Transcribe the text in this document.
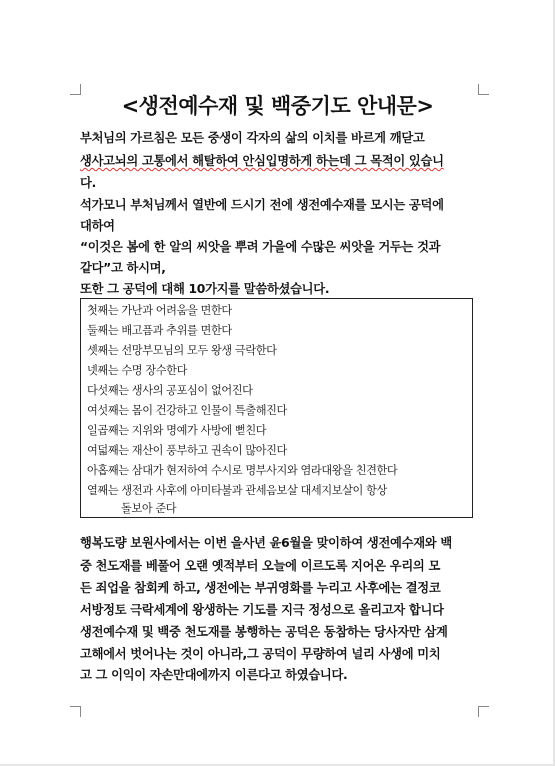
<생전예수재 및 백중기도 안내문>
부처님의 가르침은 모든 중생이 각자의 삶의 이치를 바르게 깨닫고
생사고뇌의 고통에서 해탈하여 안심입명하게 하는데 그 목적이 있습니
다.
석가모니 부처님께서 열반에 드시기 전에 생전예수재를 모시는 공덕에
대하여
“이것은 봄에 한 알의 씨앗을 뿌려 가을에 수많은 씨앗을 거두는 것과
같다”고 하시며,
또한 그 공덕에 대해 10가지를 말씀하셨습니다.
첫째는 가난과 어려움을 면한다
둘째는 배고픔과 추위를 면한다
셋째는 선망부모님의 모두 왕생 극락한다
넷째는 수명 장수한다
다섯째는 생사의 공포심이 없어진다
여섯째는 몸이 건강하고 인물이 특출해진다
일곱째는 지위와 명예가 사방에 뻗친다
여덟째는 재산이 풍부하고 권속이 많아진다
아홉째는 삼대가 현저하여 수시로 명부사지와 염라대왕을 친견한다
열째는 생전과 사후에 아미타불과 관세음보살 대세지보살이 항상
돌보아 준다
행복도량 보원사에서는 이번 을사년 윤6월을 맞이하여 생전예수재와 백
중 천도재를 베풀어 오랜 옛적부터 오늘에 이르도록 지어온 우리의 모
든 죄업을 참회케 하고, 생전에는 부귀영화를 누리고 사후에는 결정코
서방정토 극락세계에 왕생하는 기도를 지극 정성으로 올리고자 합니다
생전예수재 및 백중 천도재를 봉행하는 공덕은 동참하는 당사자만 삼계
고해에서 벗어나는 것이 아니라,그 공덕이 무량하여 널리 사생에 미치
고 그 이익이 자손만대에까지 이른다고 하였습니다.
